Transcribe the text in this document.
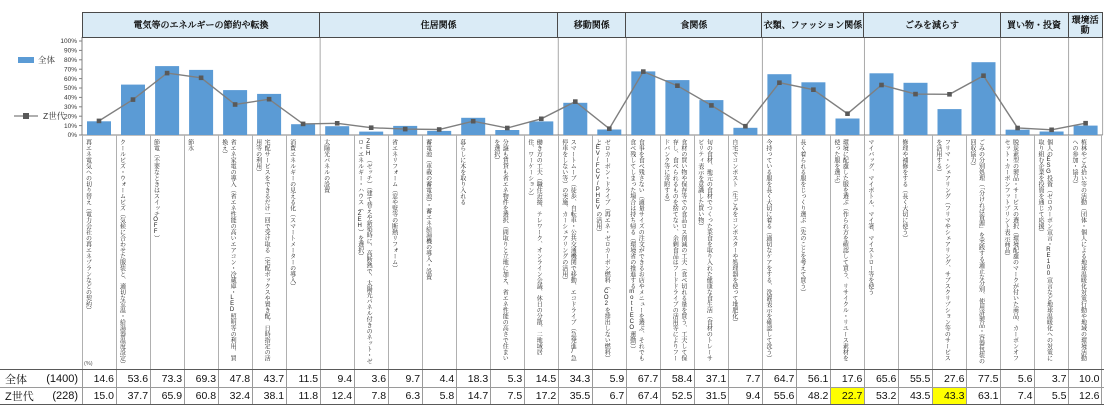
全体
Z世代
0%
10%
20%
30%
40%
50%
60%
70%
80%
90%
100%
電気等のエネルギーの節約や転換	住居関係	移動関係	食関係	衣類、ファッション関係	ごみを減らす	買い物・投資
環境活動
再エネ電気への切り替え（電力会社の再エネプランなどの契約）	クールビズ・ウォームビズ（気候に合わせた服装と、適切な室温・給湯器温度設定）	節電（不要なときはスイッチOFF）	節水	省エネ家電の導入（省エネ性能の高いエアコン・冷蔵庫・LED照明等の利用、買換え）	宅配サービスをできるだけ一回で受け取る（宅配ボックスや置き配、日時指定の活用等の利用）	消費エネルギーの見える化（スマートメーターの導入）	太陽光パネルの設置	ZEH（ゼッチ）（建て替えや新築時に、高断熱で、太陽光パネル付きのネット・ゼロ・エネルギー・ハウス（ZEH）を選択）	省エネリフォーム（窓や壁等の断熱リフォーム）	蓄電池（車載の蓄電池）・蓄エネ給湯機の導入・設置	暮らしに木を取り入れる	分譲も賃貸も省エネ物件を選択（間取りと立地に加え、省エネ性能の高さで住まいを選択）	働き方の工夫（職住近接、テレワーク、オンライン会議、休日の分散、二地域居住、ワーケーション）	スマートムーブ（徒歩、自転車・公共交通機関で移動、エコドライブ（急発進/急停車をしない等）の実施、カーシェアリングの活用）	ゼロカーボン・ドライブ（再エネ・ゼロカーボン燃料（CO2を排出しない燃料）とEV/FCV/PHEVの活用）	食事を食べ残さない（適量サイズの注文ができるお店やメニューを選ぶ、それでも食べ残してしまった場合は持ち帰る（環境省の推進するmottECO運動））	食材の買い物や保存等での食品ロス削減の工夫（食べ切れる量を買う、工夫して保存し、食べられるものを捨てない、余剰食品はフードドライブの活用等によりフードバンク等に寄附する）	旬の食材、地元の食材でつくった菜食を取り入れた健康な食生活（食材のトレーサビリティ表示を意識した買い物）	自宅でコンポスト（生ごみをコンポスターや処理器を使って堆肥化）	今持っている服を長く大切に着る（適切なケアをする、洗濯表示を確認して洗う）	長く着られる服をじっくり選ぶ（先のことを考えて買う）	環境に配慮した服を選ぶ（作られ方を確認して買う、リサイクル・リユース素材を使った服を選ぶ）	マイバッグ、マイボトル、マイ箸、マイストロー等を使う	修理や補修をする（長く大切に使う）	フリマ・シェアリング（フリマやシェアリング、サブスクリプション等のサービスを活用する）	ごみの分別処理（「分ければ資源」を実践する適正な分別、使用済製品・容器包装の回収協力）	脱炭素型の製品・サービスの選択（環境配慮のマークが付いた商品、カーボンオフセット・カーボンフットプリント表示商品）	個人のESG投資（ゼロカーボン宣言・RE100宣言など地球温暖化への対策に取り組む企業を投資を通じて応援）	植林やごみ拾い等の活動（団体・個人による地球温暖化対策行動や地域の環境活動への参加・協力）
(%)
全体 (1400)	14.6	53.6	73.3	69.3	47.8	43.7	11.5	9.4	3.6	9.7	4.4	18.3	5.3	14.5	34.3	5.9	67.7	58.4	37.1	7.7	64.7	56.1	17.6	65.6	55.5	27.6	77.5	5.6	3.7	10.0
Z世代 (228)	15.0	37.7	65.9	60.8	32.4	38.1	11.8	12.4	7.8	6.3	5.8	14.7	7.5	17.2	35.5	6.7	67.4	52.5	31.5	9.4	55.6	48.2	22.7	53.2	43.5	43.3	63.1	7.4	5.5	12.6
